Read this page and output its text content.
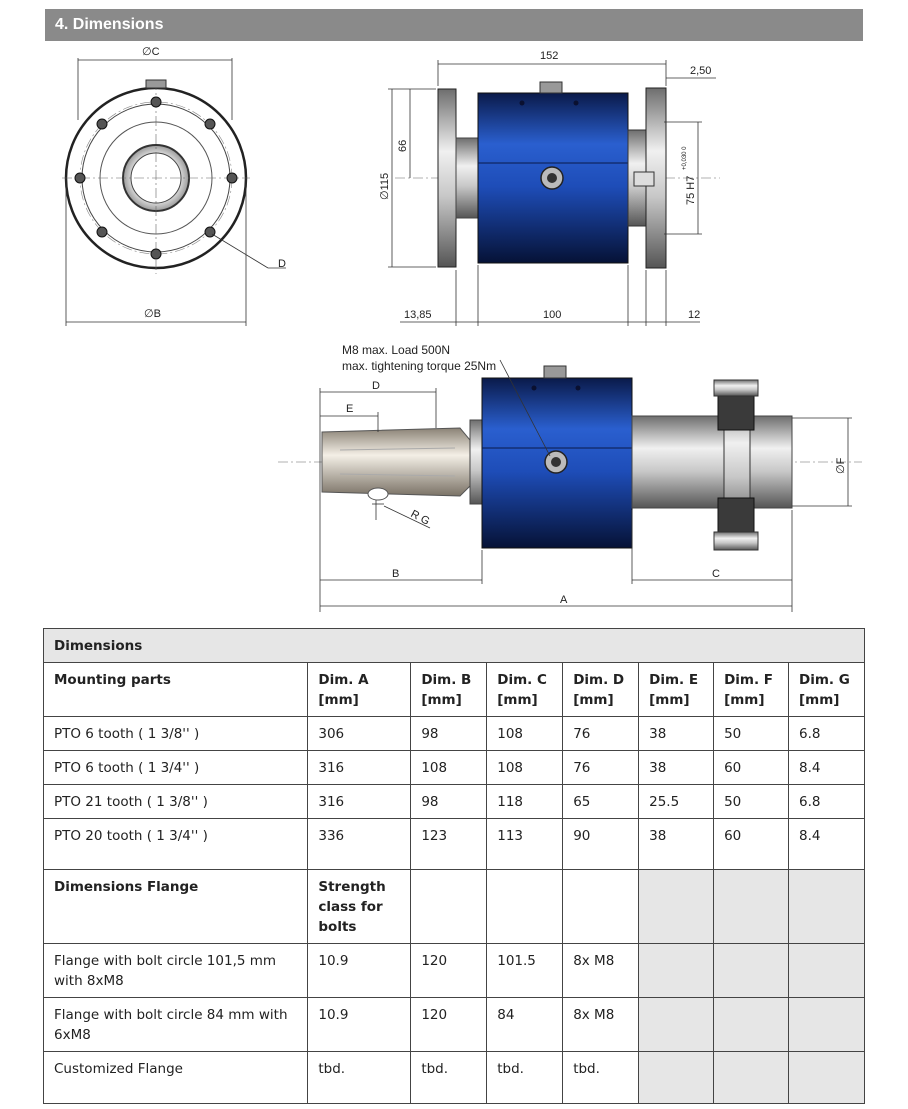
4. Dimensions
∅C
∅B
D
152
2,50
∅115
66
75 H7
+0,030 0
13,85	100	12
M8 max. Load 500N
max. tightening torque 25Nm
D
E
R G
∅F
B	C
A
Dimensions							
Mounting parts	Dim. A [mm]	Dim. B [mm]	Dim. C [mm]	Dim. D [mm]	Dim. E [mm]	Dim. F [mm]	Dim. G [mm]
PTO 6 tooth ( 1 3/8'' )	306	98	108	76	38	50	6.8
PTO 6 tooth ( 1 3/4'' )	316	108	108	76	38	60	8.4
PTO 21 tooth ( 1 3/8'' )	316	98	118	65	25.5	50	6.8
PTO 20 tooth ( 1 3/4'' )	336	123	113	90	38	60	8.4
Dimensions Flange	Strength class for bolts						
Flange with bolt circle 101,5 mm with 8xM8	10.9	120	101.5	8x M8			
Flange with bolt circle 84 mm with 6xM8	10.9	120	84	8x M8			
Customized Flange	tbd.	tbd.	tbd.	tbd.			
